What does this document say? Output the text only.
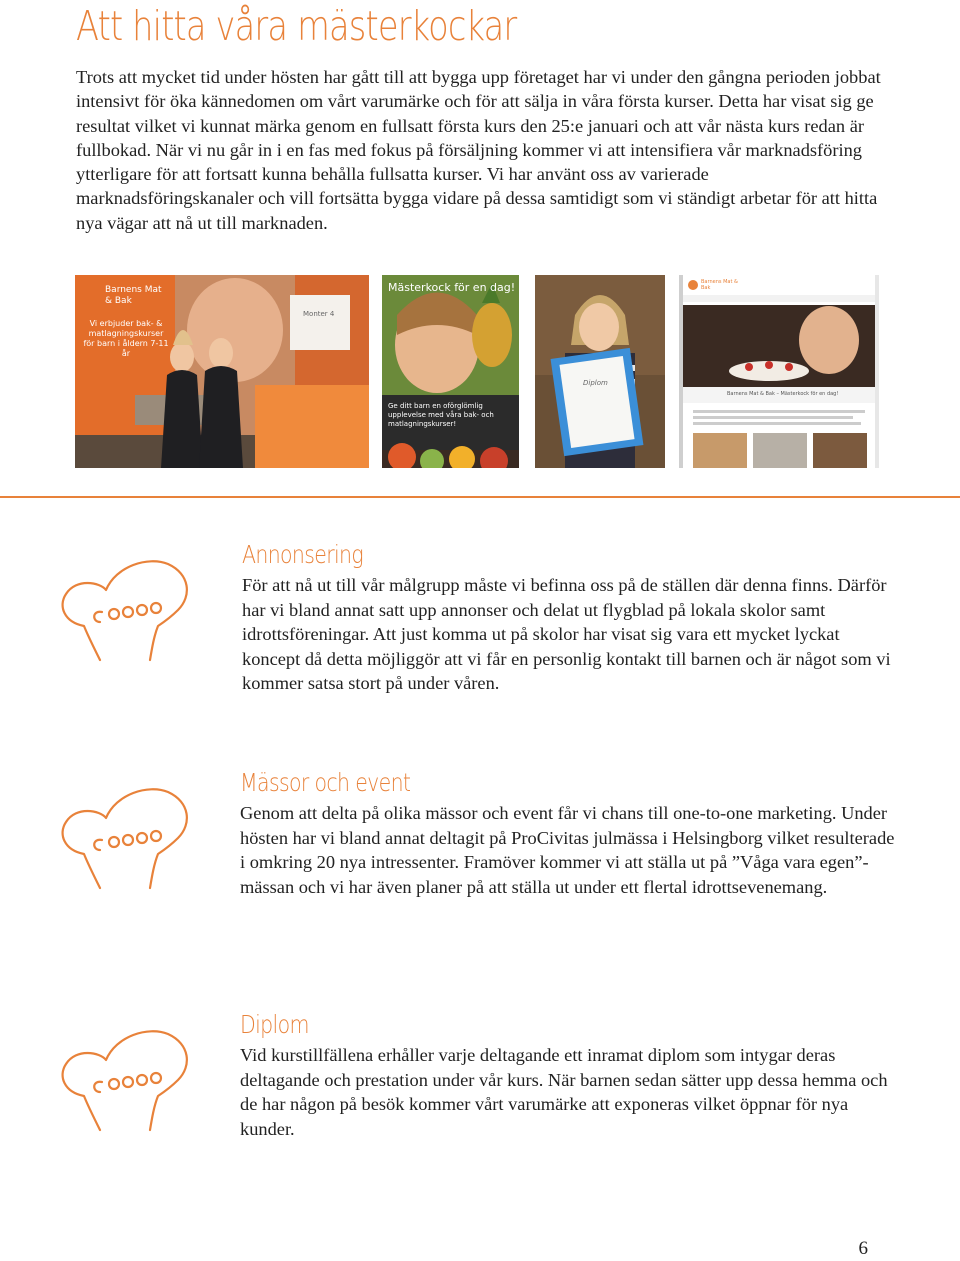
Att hitta våra mästerkockar

Trots att mycket tid under hösten har gått till att bygga upp företaget har vi under den gångna perioden jobbat intensivt för öka kännedomen om vårt varumärke och för att sälja in våra första kurser. Detta har visat sig ge resultat vilket vi kunnat märka genom en fullsatt första kurs den 25:e januari och att vår nästa kurs redan är fullbokad. När vi nu går in i en fas med fokus på försäljning kommer vi att intensifiera vår marknadsföring ytterligare för att fortsatt kunna behålla fullsatta kurser. Vi har använt oss av varierade marknadsföringskanaler och vill fortsätta bygga vidare på dessa samtidigt som vi ständigt arbetar för att hitta nya vägar att nå ut till marknaden.

Barnens Mat & Bak
Vi erbjuder bak- & matlagningskurser för barn i åldern 7-11 år
Monter 4
Mästerkock för en dag!
Ge ditt barn en oförglömlig upplevelse med våra bak- och matlagningskurser!
Diplom
Barnens Mat & Bak
Barnens Mat & Bak – Mästerkock för en dag!
Annonsering

För att nå ut till vår målgrupp måste vi befinna oss på de ställen där denna finns. Därför har vi bland annat satt upp annonser och delat ut flygblad på lokala skolor samt idrottsföreningar. Att just komma ut på skolor har visat sig vara ett mycket lyckat koncept då detta möjliggör att vi får en personlig kontakt till barnen och är något som vi kommer satsa stort på under våren.

Mässor och event

Genom att delta på olika mässor och event får vi chans till one-to-one marketing. Under hösten har vi bland annat deltagit på ProCivitas julmässa i Helsingborg vilket resulterade i omkring 20 nya intressenter. Framöver kommer vi att ställa ut på ”Våga vara egen”-mässan och vi har även planer på att ställa ut under ett flertal idrottsevenemang.

Diplom

Vid kurstillfällena erhåller varje deltagande ett inramat diplom som intygar deras deltagande och prestation under vår kurs. När barnen sedan sätter upp dessa hemma och de har någon på besök kommer vårt varumärke att exponeras vilket öppnar för nya kunder.

6
